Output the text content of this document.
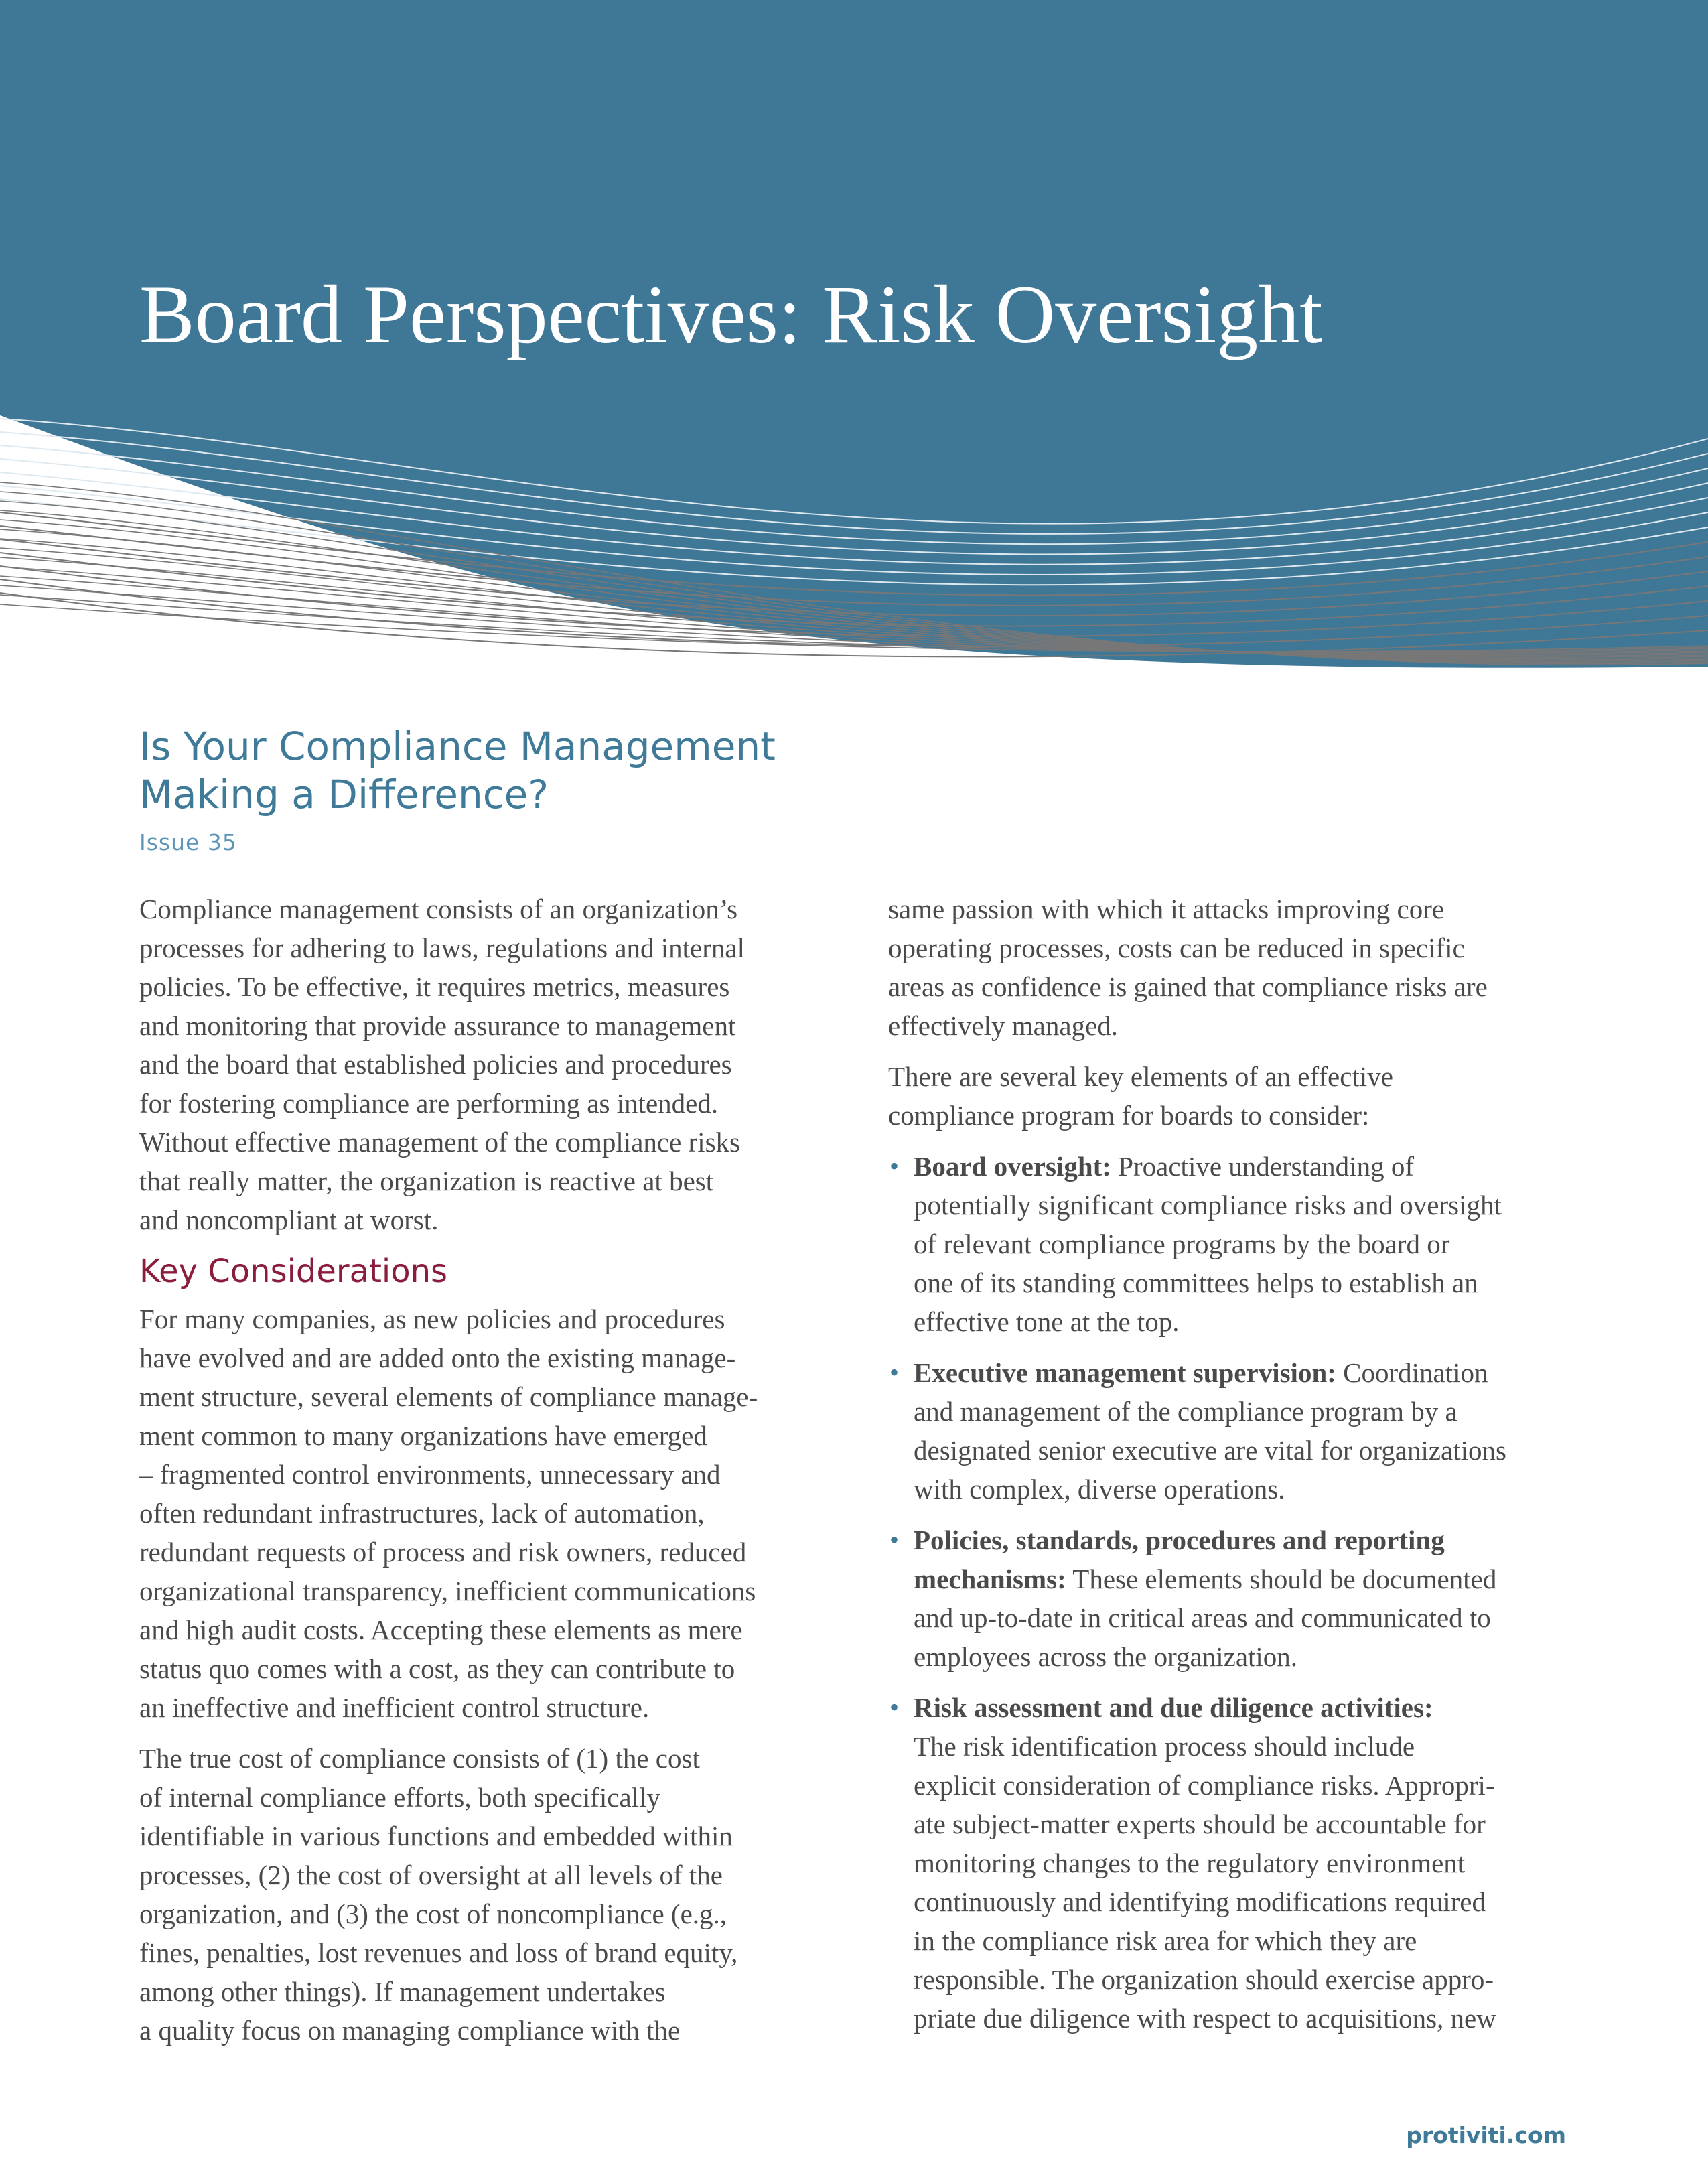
Board Perspectives: Risk Oversight
Is Your Compliance Management
Making a Difference?
Issue 35

Compliance management consists of an organization’s
processes for adhering to laws, regulations and internal
policies. To be effective, it requires metrics, measures
and monitoring that provide assurance to management
and the board that established policies and procedures
for fostering compliance are performing as intended.
Without effective management of the compliance risks
that really matter, the organization is reactive at best
and noncompliant at worst.

Key Considerations

For many companies, as new policies and procedures
have evolved and are added onto the existing manage-
ment structure, several elements of compliance manage-
ment common to many organizations have emerged
– fragmented control environments, unnecessary and
often redundant infrastructures, lack of automation,
redundant requests of process and risk owners, reduced
organizational transparency, inefficient communications
and high audit costs. Accepting these elements as mere
status quo comes with a cost, as they can contribute to
an ineffective and inefficient control structure.

The true cost of compliance consists of (1) the cost
of internal compliance efforts, both specifically
identifiable in various functions and embedded within
processes, (2) the cost of oversight at all levels of the
organization, and (3) the cost of noncompliance (e.g.,
fines, penalties, lost revenues and loss of brand equity,
among other things). If management undertakes
a quality focus on managing compliance with the

same passion with which it attacks improving core
operating processes, costs can be reduced in specific
areas as confidence is gained that compliance risks are
effectively managed.

There are several key elements of an effective
compliance program for boards to consider:

• Board oversight: Proactive understanding of
potentially significant compliance risks and oversight
of relevant compliance programs by the board or
one of its standing committees helps to establish an
effective tone at the top.
• Executive management supervision: Coordination
and management of the compliance program by a
designated senior executive are vital for organizations
with complex, diverse operations.
• Policies, standards, procedures and reporting
mechanisms: These elements should be documented
and up-to-date in critical areas and communicated to
employees across the organization.
• Risk assessment and due diligence activities:
The risk identification process should include
explicit consideration of compliance risks. Appropri-
ate subject-matter experts should be accountable for
monitoring changes to the regulatory environment
continuously and identifying modifications required
in the compliance risk area for which they are
responsible. The organization should exercise appro-
priate due diligence with respect to acquisitions, new
protiviti.com
